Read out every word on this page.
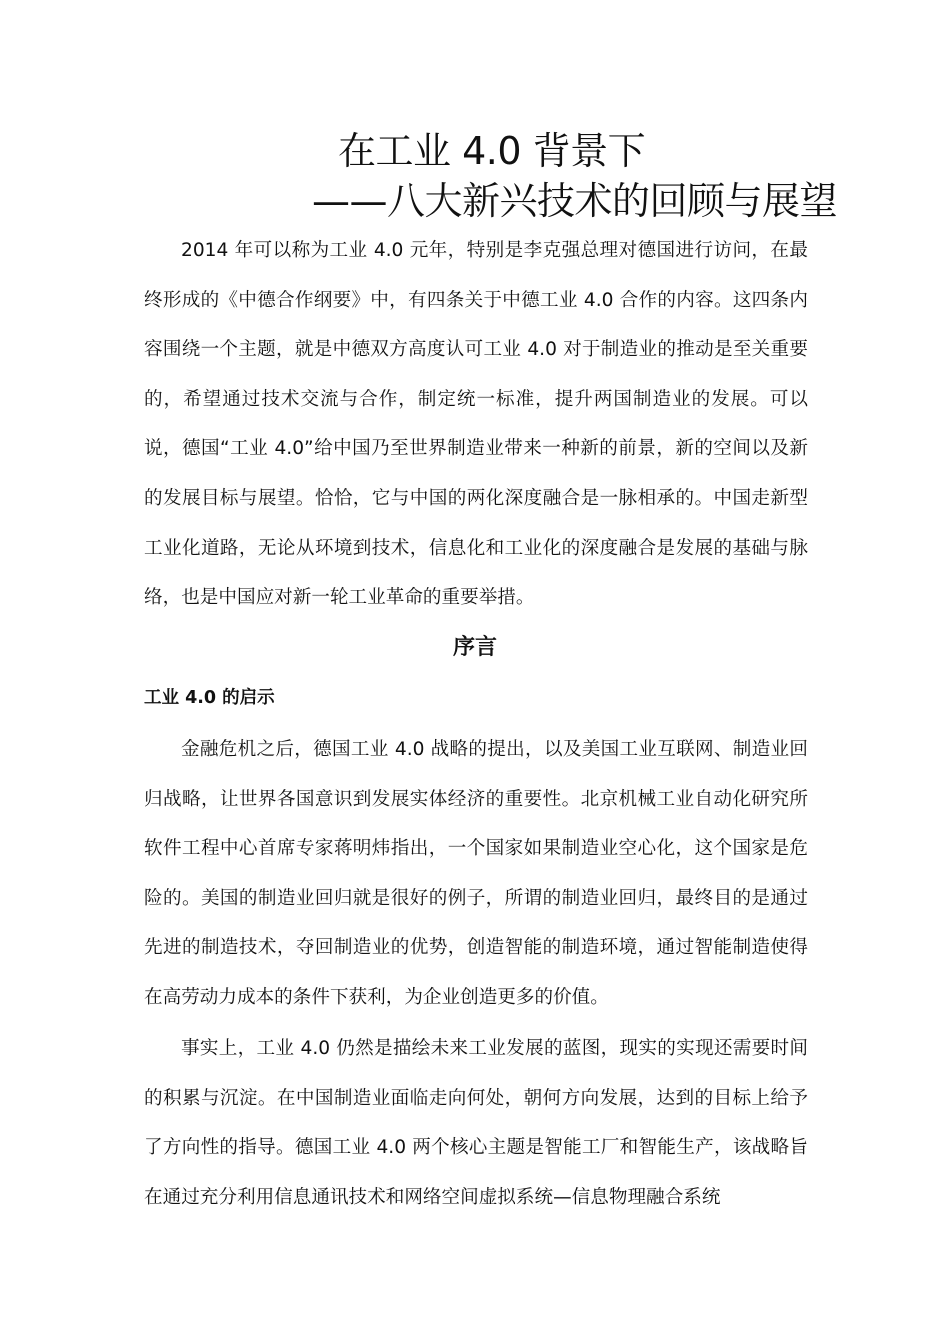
在工业 4.0 背景下
——八大新兴技术的回顾与展望

2014 年可以称为工业 4.0 元年，特别是李克强总理对德国进行访问，在最终形成的《中德合作纲要》中，有四条关于中德工业 4.0 合作的内容。这四条内容围绕一个主题，就是中德双方高度认可工业 4.0 对于制造业的推动是至关重要的，希望通过技术交流与合作，制定统一标准，提升两国制造业的发展。可以说，德国“工业 4.0”给中国乃至世界制造业带来一种新的前景，新的空间以及新的发展目标与展望。恰恰，它与中国的两化深度融合是一脉相承的。中国走新型工业化道路，无论从环境到技术，信息化和工业化的深度融合是发展的基础与脉络，也是中国应对新一轮工业革命的重要举措。

序言
工业 4.0 的启示

金融危机之后，德国工业 4.0 战略的提出，以及美国工业互联网、制造业回归战略，让世界各国意识到发展实体经济的重要性。北京机械工业自动化研究所软件工程中心首席专家蒋明炜指出，一个国家如果制造业空心化，这个国家是危险的。美国的制造业回归就是很好的例子，所谓的制造业回归，最终目的是通过先进的制造技术，夺回制造业的优势，创造智能的制造环境，通过智能制造使得在高劳动力成本的条件下获利，为企业创造更多的价值。

事实上，工业 4.0 仍然是描绘未来工业发展的蓝图，现实的实现还需要时间的积累与沉淀。在中国制造业面临走向何处，朝何方向发展，达到的目标上给予了方向性的指导。德国工业 4.0 两个核心主题是智能工厂和智能生产，该战略旨在通过充分利用信息通讯技术和网络空间虚拟系统—信息物理融合系统
